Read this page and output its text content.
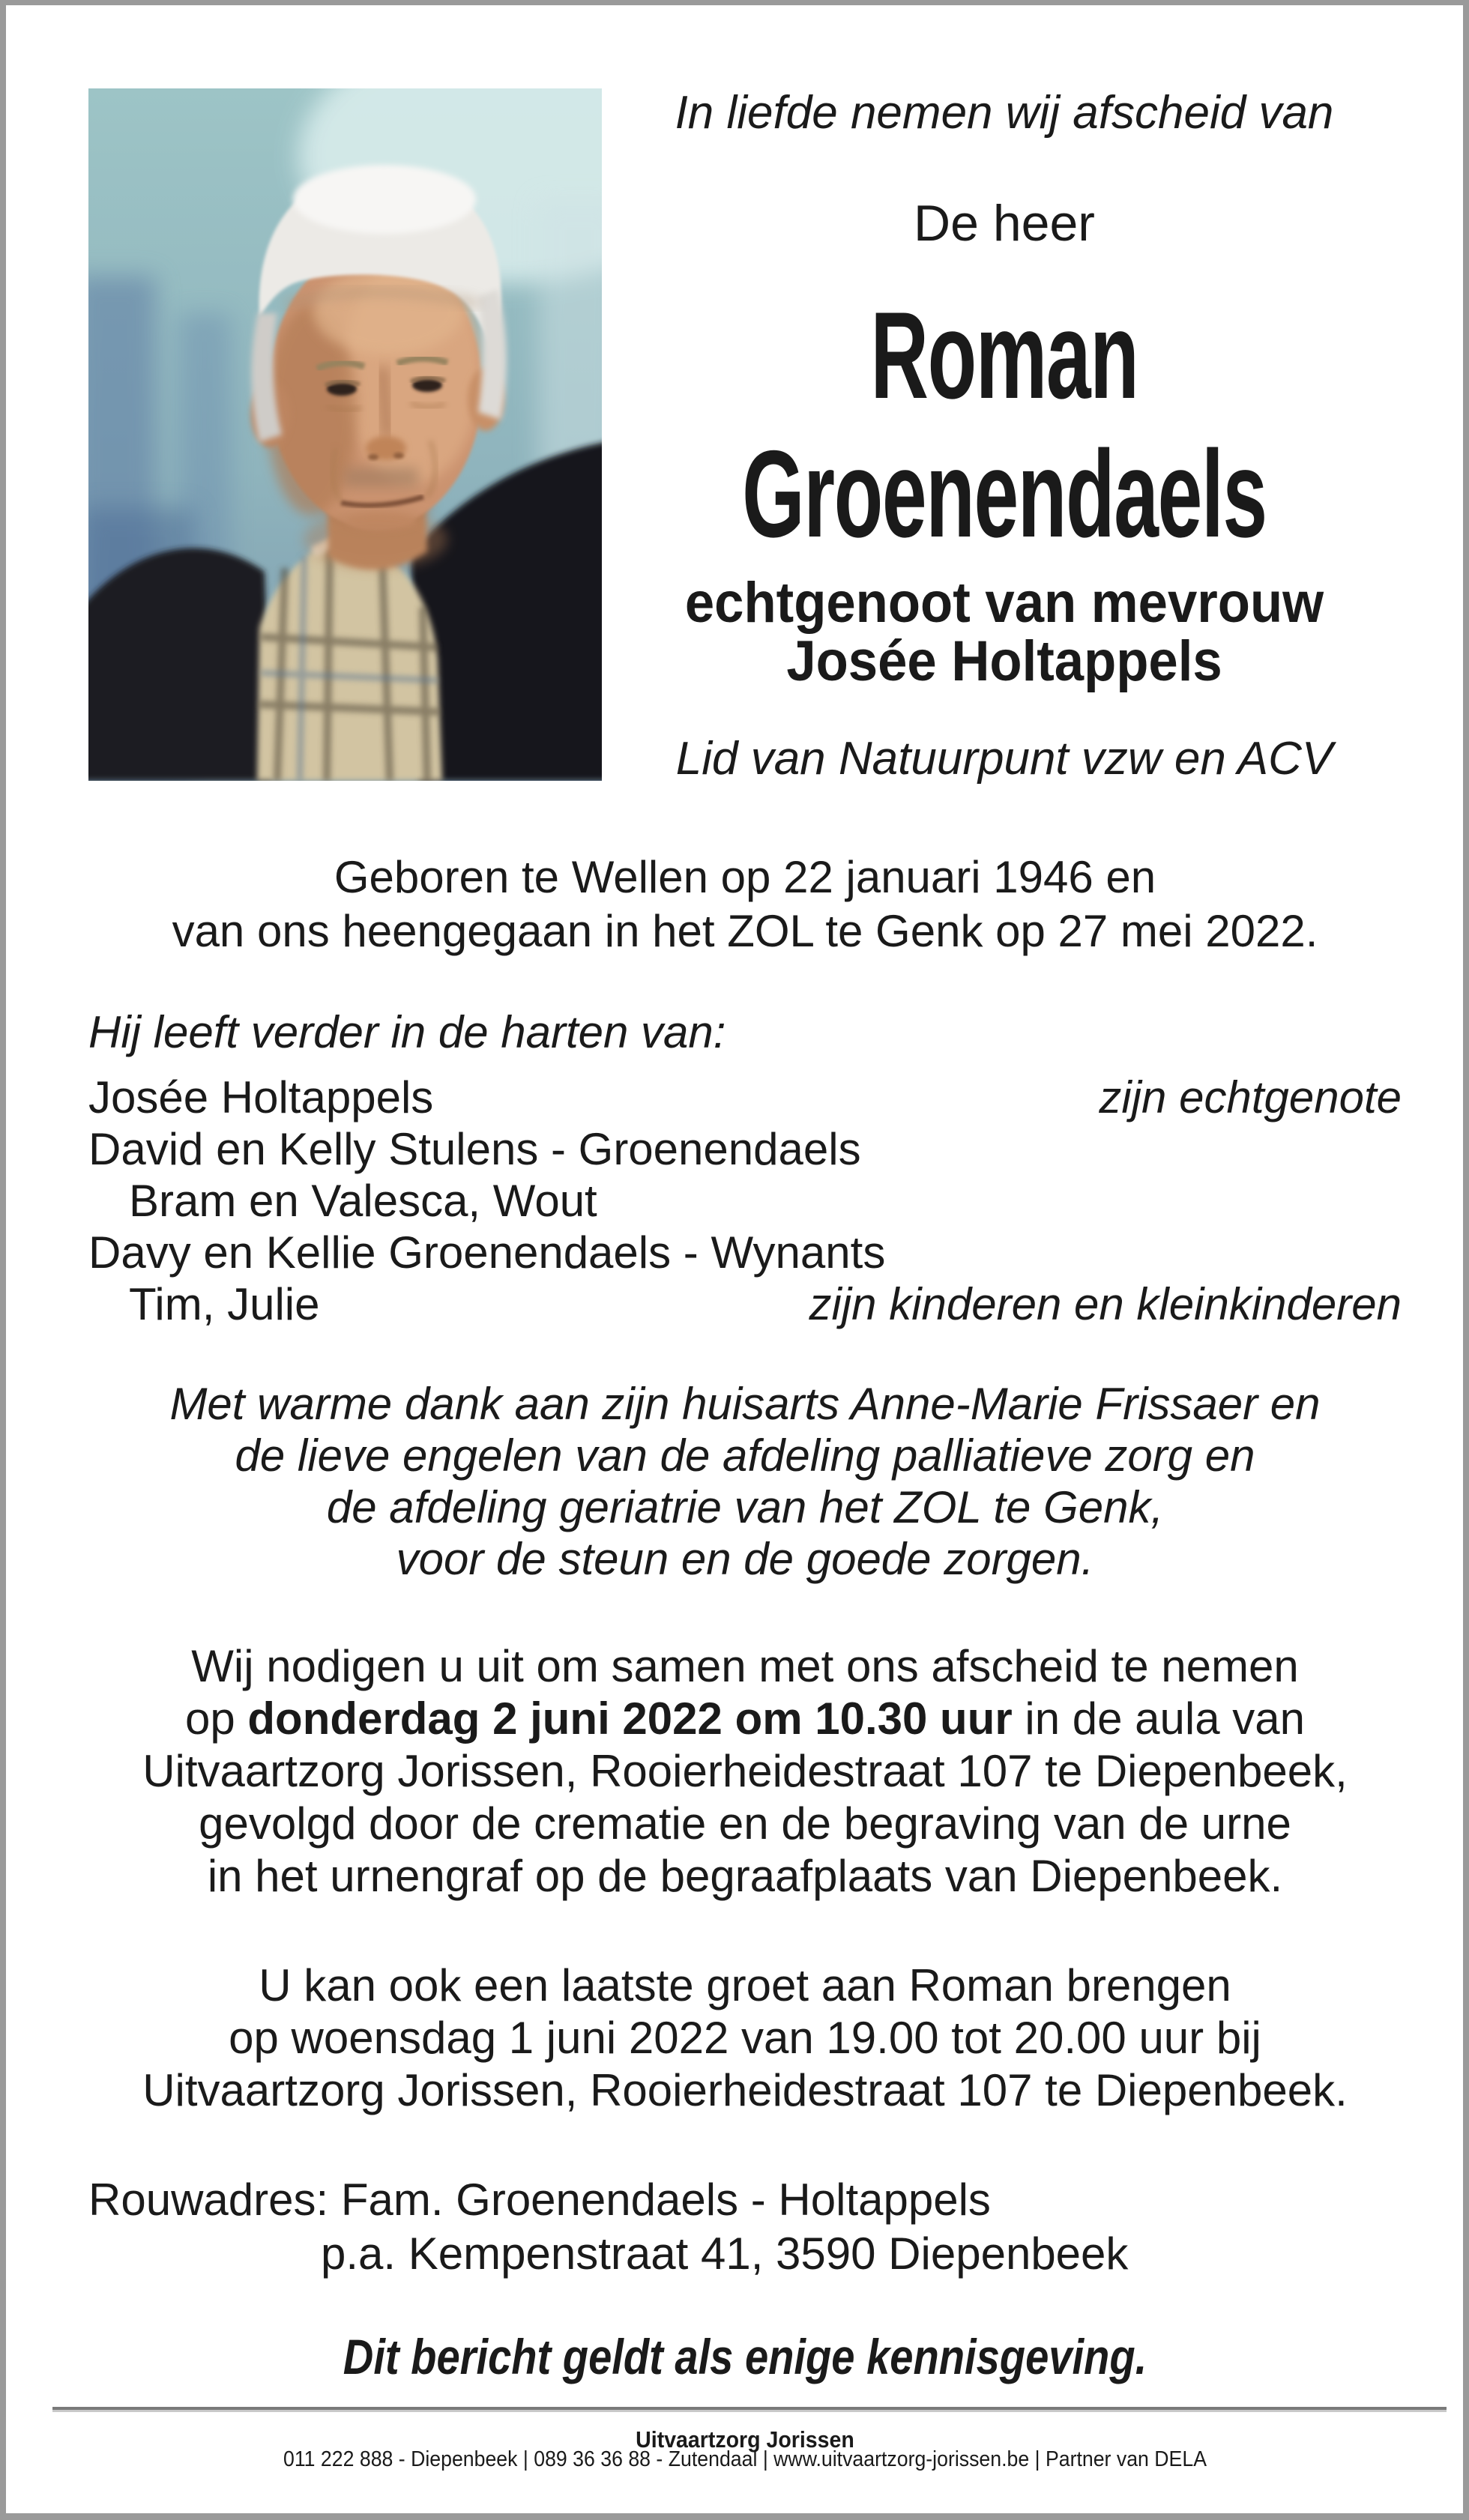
In liefde nemen wij afscheid van
De heer
Roman
Groenendaels
echtgenoot van mevrouw
Josée Holtappels
Lid van Natuurpunt vzw en ACV
Geboren te Wellen op 22 januari 1946 en
van ons heengegaan in het ZOL te Genk op 27 mei 2022.
Hij leeft verder in de harten van:
Josée Holtappels	zijn echtgenote
David en Kelly Stulens - Groenendaels
Bram en Valesca, Wout
Davy en Kellie Groenendaels - Wynants
Tim, Julie	zijn kinderen en kleinkinderen
Met warme dank aan zijn huisarts Anne-Marie Frissaer en
de lieve engelen van de afdeling palliatieve zorg en
de afdeling geriatrie van het ZOL te Genk,
voor de steun en de goede zorgen.
Wij nodigen u uit om samen met ons afscheid te nemen
op donderdag 2 juni 2022 om 10.30 uur in de aula van
Uitvaartzorg Jorissen, Rooierheidestraat 107 te Diepenbeek,
gevolgd door de crematie en de begraving van de urne
in het urnengraf op de begraafplaats van Diepenbeek.
U kan ook een laatste groet aan Roman brengen
op woensdag 1 juni 2022 van 19.00 tot 20.00 uur bij
Uitvaartzorg Jorissen, Rooierheidestraat 107 te Diepenbeek.
Rouwadres: Fam. Groenendaels - Holtappels
p.a. Kempenstraat 41, 3590 Diepenbeek
Dit bericht geldt als enige kennisgeving.
Uitvaartzorg Jorissen
011 222 888 - Diepenbeek | 089 36 36 88 - Zutendaal | www.uitvaartzorg-jorissen.be | Partner van DELA
